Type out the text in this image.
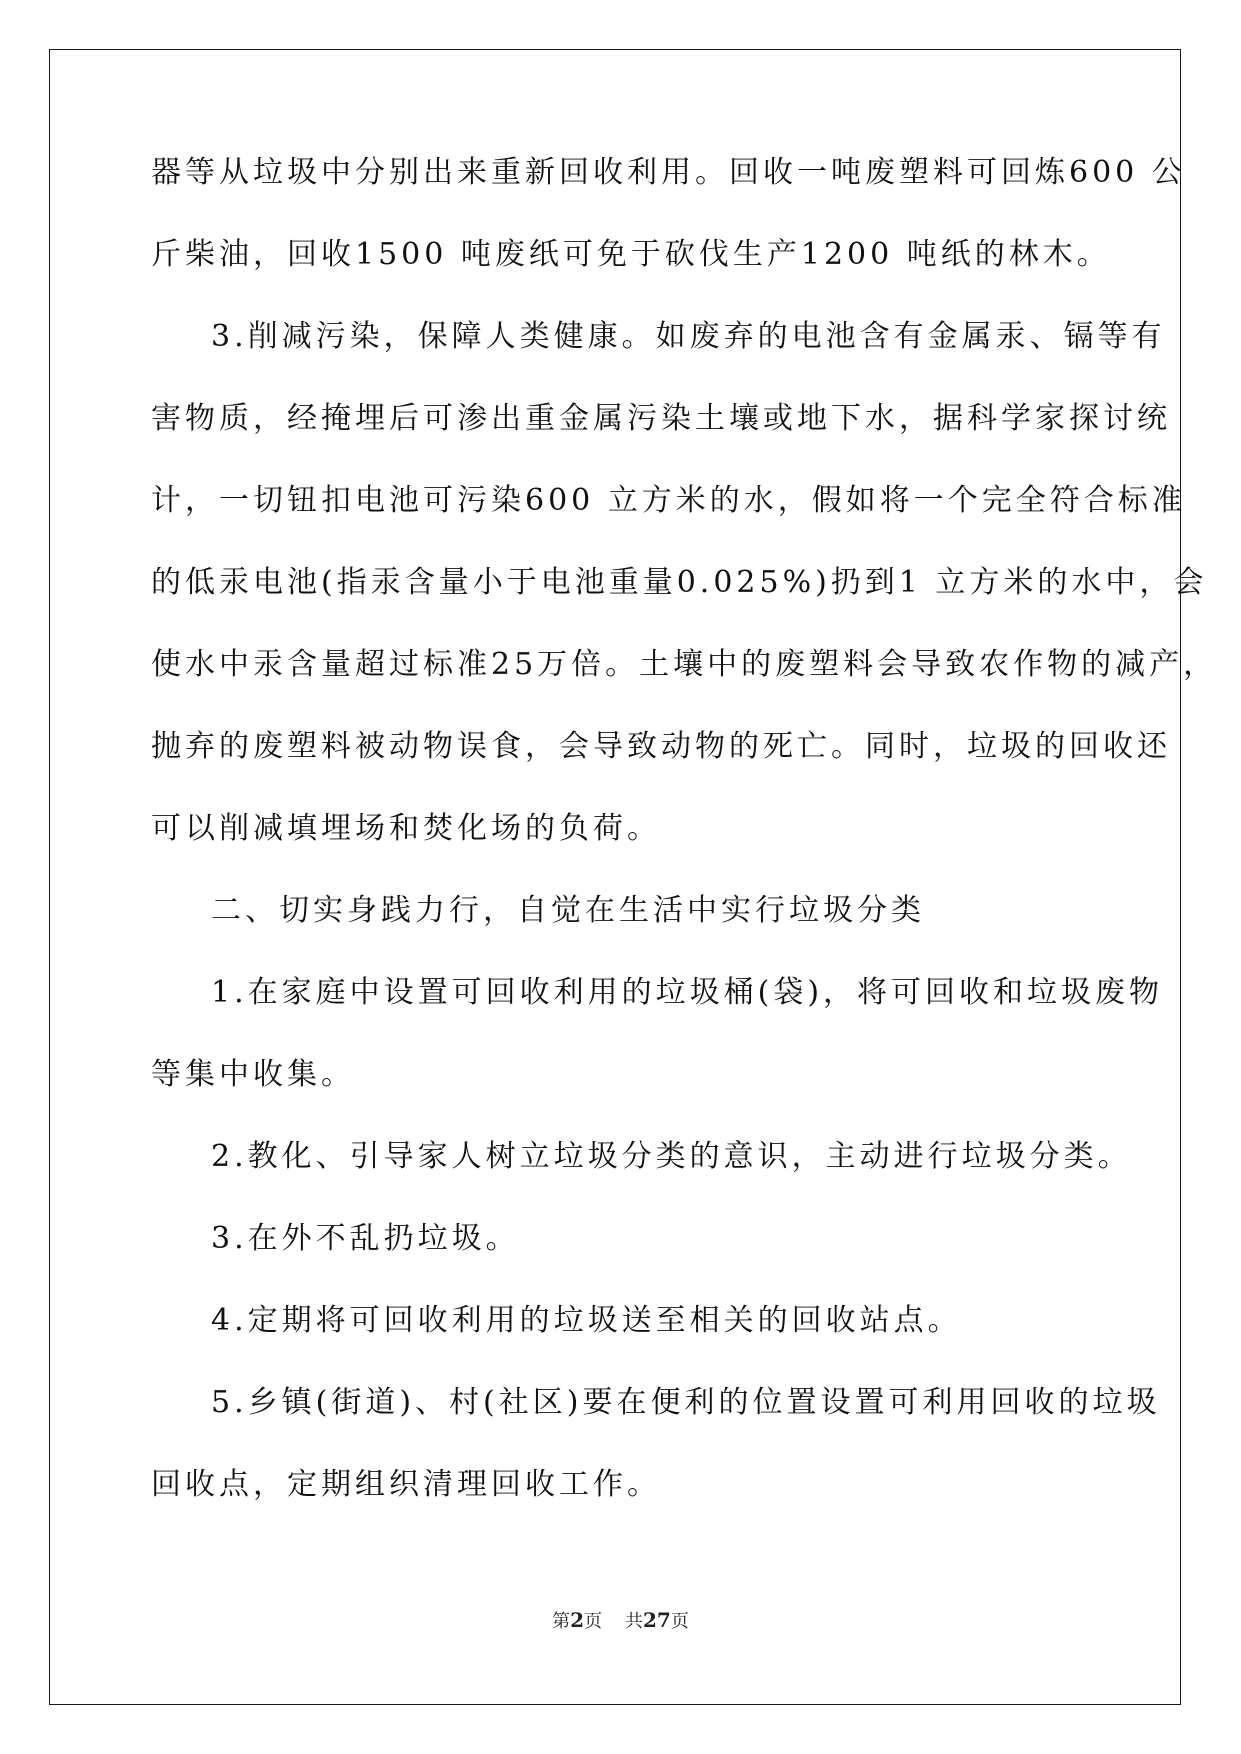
器等从垃圾中分别出来重新回收利用。回收一吨废塑料可回炼600 公
斤柴油，回收1500 吨废纸可免于砍伐生产1200 吨纸的林木。
3.削减污染，保障人类健康。如废弃的电池含有金属汞、镉等有
害物质，经掩埋后可渗出重金属污染土壤或地下水，据科学家探讨统
计，一切钮扣电池可污染600 立方米的水，假如将一个完全符合标准
的低汞电池(指汞含量小于电池重量0.025%)扔到1 立方米的水中，会
使水中汞含量超过标准25万倍。土壤中的废塑料会导致农作物的减产，
抛弃的废塑料被动物误食，会导致动物的死亡。同时，垃圾的回收还
可以削减填埋场和焚化场的负荷。
二、切实身践力行，自觉在生活中实行垃圾分类
1.在家庭中设置可回收利用的垃圾桶(袋)，将可回收和垃圾废物
等集中收集。
2.教化、引导家人树立垃圾分类的意识，主动进行垃圾分类。
3.在外不乱扔垃圾。
4.定期将可回收利用的垃圾送至相关的回收站点。
5.乡镇(街道)、村(社区)要在便利的位置设置可利用回收的垃圾
回收点，定期组织清理回收工作。
第2页 共27页
